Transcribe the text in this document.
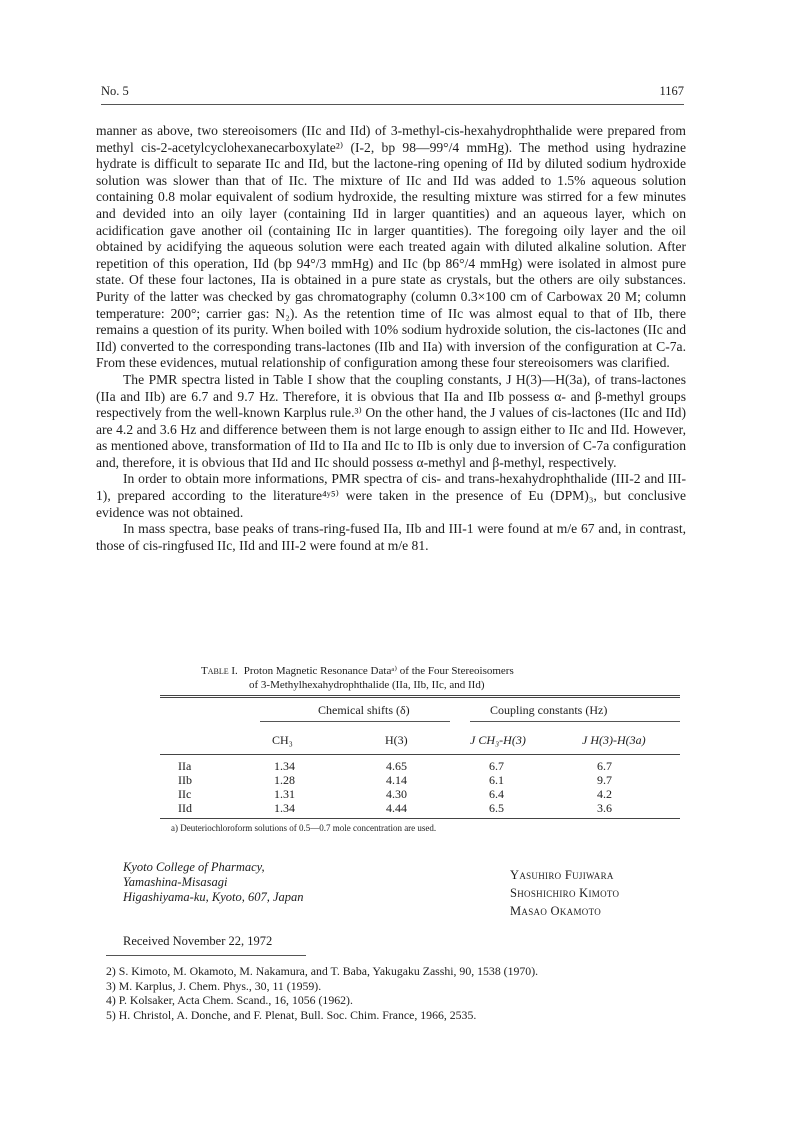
No. 5	1167

manner as above, two stereoisomers (IIc and IId) of 3-methyl-cis-hexahydrophthalide were prepared from methyl cis-2-acetylcyclohexanecarboxylate²⁾ (I-2, bp 98—99°/4 mmHg). The method using hydrazine hydrate is difficult to separate IIc and IId, but the lactone-ring opening of IId by diluted sodium hydroxide solution was slower than that of IIc. The mixture of IIc and IId was added to 1.5% aqueous solution containing 0.8 molar equivalent of sodium hydroxide, the resulting mixture was stirred for a few minutes and devided into an oily layer (containing IId in larger quantities) and an aqueous layer, which on acidification gave another oil (containing IIc in larger quantities). The foregoing oily layer and the oil obtained by acidifying the aqueous solution were each treated again with diluted alkaline solution. After repetition of this operation, IId (bp 94°/3 mmHg) and IIc (bp 86°/4 mmHg) were isolated in almost pure state. Of these four lactones, IIa is obtained in a pure state as crystals, but the others are oily substances. Purity of the latter was checked by gas chromatography (column 0.3×100 cm of Carbowax 20 M; column temperature: 200°; carrier gas: N₂). As the retention time of IIc was almost equal to that of IIb, there remains a question of its purity. When boiled with 10% sodium hydroxide solution, the cis-lactones (IIc and IId) converted to the corresponding trans-lactones (IIb and IIa) with inversion of the configuration at C-7a. From these evidences, mutual relationship of configuration among these four stereoisomers was clarified.

The PMR spectra listed in Table I show that the coupling constants, J H(3)—H(3a), of trans-lactones (IIa and IIb) are 6.7 and 9.7 Hz. Therefore, it is obvious that IIa and IIb possess α- and β-methyl groups respectively from the well-known Karplus rule.³⁾ On the other hand, the J values of cis-lactones (IIc and IId) are 4.2 and 3.6 Hz and difference between them is not large enough to assign either to IIc and IId. However, as mentioned above, transformation of IId to IIa and IIc to IIb is only due to inversion of C-7a configuration and, therefore, it is obvious that IId and IIc should possess α-methyl and β-methyl, respectively.

In order to obtain more informations, PMR spectra of cis- and trans-hexahydrophthalide (III-2 and III-1), prepared according to the literature⁴ʸ⁵⁾ were taken in the presence of Eu (DPM)₃, but conclusive evidence was not obtained.

In mass spectra, base peaks of trans-ring-fused IIa, IIb and III-1 were found at m/e 67 and, in contrast, those of cis-ringfused IIc, IId and III-2 were found at m/e 81.

Table I. Proton Magnetic Resonance Dataᵃ⁾ of the Four Stereoisomers
of 3-Methylhexahydrophthalide (IIa, IIb, IIc, and IId)
Chemical shifts (δ)	Coupling constants (Hz)
CH₃	H(3)	J CH₃-H(3)	J H(3)-H(3a)
IIa	1.34	4.65	6.7	6.7
IIb	1.28	4.14	6.1	9.7
IIc	1.31	4.30	6.4	4.2
IId	1.34	4.44	6.5	3.6
a) Deuteriochloroform solutions of 0.5—0.7 mole concentration are used.
Kyoto College of Pharmacy,
Yamashina-Misasagi
Higashiyama-ku, Kyoto, 607, Japan
Yasuhiro Fujiwara
Shoshichiro Kimoto
Masao Okamoto
Received November 22, 1972
2) S. Kimoto, M. Okamoto, M. Nakamura, and T. Baba, Yakugaku Zasshi, 90, 1538 (1970).
3) M. Karplus, J. Chem. Phys., 30, 11 (1959).
4) P. Kolsaker, Acta Chem. Scand., 16, 1056 (1962).
5) H. Christol, A. Donche, and F. Plenat, Bull. Soc. Chim. France, 1966, 2535.
